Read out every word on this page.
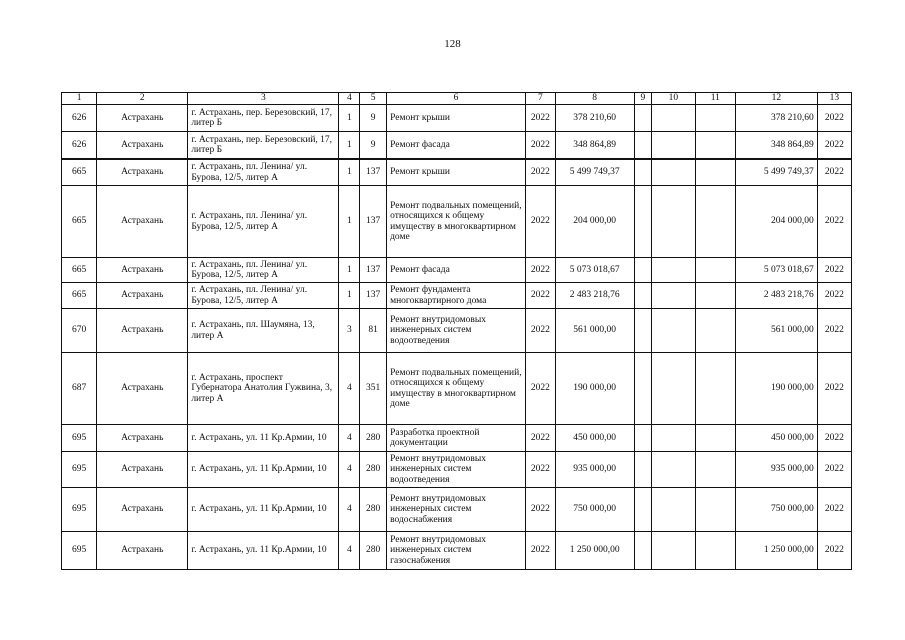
128
1	2	3	4	5	6	7	8	9	10	11	12	13
626	Астрахань	г. Астрахань, пер. Березовский, 17, литер Б	1	9	Ремонт крыши	2022	378 210,60				378 210,60	2022
626	Астрахань	г. Астрахань, пер. Березовский, 17, литер Б	1	9	Ремонт фасада	2022	348 864,89				348 864,89	2022
665	Астрахань	г. Астрахань, пл. Ленина/ ул. Бурова, 12/5, литер А	1	137	Ремонт крыши	2022	5 499 749,37				5 499 749,37	2022
665	Астрахань	г. Астрахань, пл. Ленина/ ул. Бурова, 12/5, литер А	1	137	Ремонт подвальных помещений, относящихся к общему имуществу в многоквартирном доме	2022	204 000,00				204 000,00	2022
665	Астрахань	г. Астрахань, пл. Ленина/ ул. Бурова, 12/5, литер А	1	137	Ремонт фасада	2022	5 073 018,67				5 073 018,67	2022
665	Астрахань	г. Астрахань, пл. Ленина/ ул. Бурова, 12/5, литер А	1	137	Ремонт фундамента многоквартирного дома	2022	2 483 218,76				2 483 218,76	2022
670	Астрахань	г. Астрахань, пл. Шаумяна, 13, литер А	3	81	Ремонт внутридомовых инженерных систем водоотведения	2022	561 000,00				561 000,00	2022
687	Астрахань	г. Астрахань, проспект Губернатора Анатолия Гужвина, 3, литер А	4	351	Ремонт подвальных помещений, относящихся к общему имуществу в многоквартирном доме	2022	190 000,00				190 000,00	2022
695	Астрахань	г. Астрахань, ул. 11 Кр.Армии, 10	4	280	Разработка проектной документации	2022	450 000,00				450 000,00	2022
695	Астрахань	г. Астрахань, ул. 11 Кр.Армии, 10	4	280	Ремонт внутридомовых инженерных систем водоотведения	2022	935 000,00				935 000,00	2022
695	Астрахань	г. Астрахань, ул. 11 Кр.Армии, 10	4	280	Ремонт внутридомовых инженерных систем водоснабжения	2022	750 000,00				750 000,00	2022
695	Астрахань	г. Астрахань, ул. 11 Кр.Армии, 10	4	280	Ремонт внутридомовых инженерных систем газоснабжения	2022	1 250 000,00				1 250 000,00	2022
